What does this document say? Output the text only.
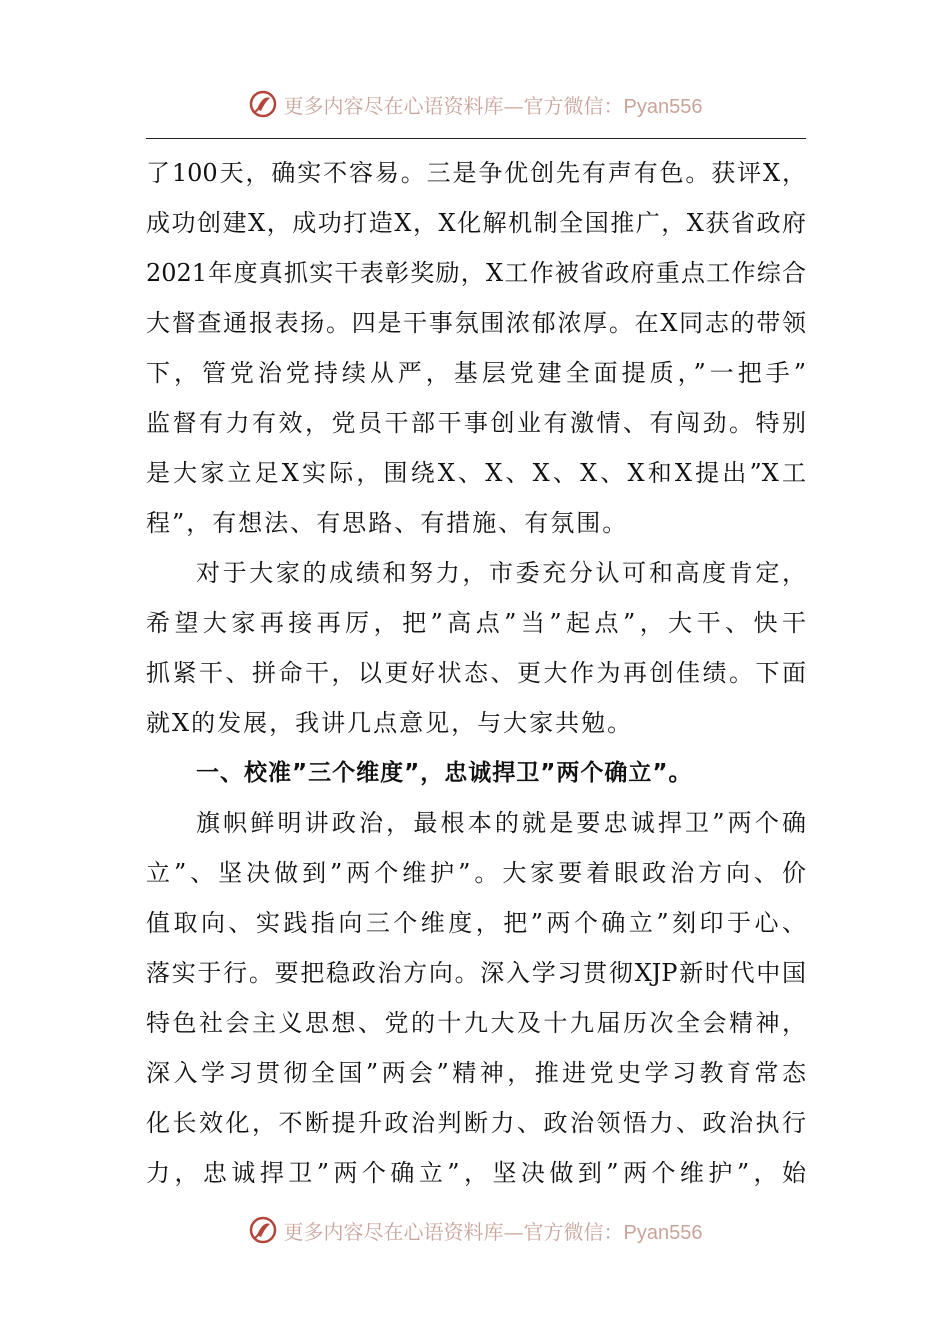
更多内容尽在心语资料库—官方微信：Pyan556
了100天，确实不容易。三是争优创先有声有色。获评X，
成功创建X，成功打造X，X化解机制全国推广，X获省政府
2021年度真抓实干表彰奖励，X工作被省政府重点工作综合
大督查通报表扬。四是干事氛围浓郁浓厚。在X同志的带领
下，管党治党持续从严，基层党建全面提质，”一把手”
监督有力有效，党员干部干事创业有激情、有闯劲。特别
是大家立足X实际，围绕X、X、X、X、X和X提出”X工
程”，有想法、有思路、有措施、有氛围。
对于大家的成绩和努力，市委充分认可和高度肯定，
希望大家再接再厉，把”高点”当”起点”，大干、快干
抓紧干、拼命干，以更好状态、更大作为再创佳绩。下面
就X的发展，我讲几点意见，与大家共勉。
一、校准”三个维度”，忠诚捍卫”两个确立”。
旗帜鲜明讲政治，最根本的就是要忠诚捍卫”两个确
立”、坚决做到”两个维护”。大家要着眼政治方向、价
值取向、实践指向三个维度，把”两个确立”刻印于心、
落实于行。要把稳政治方向。深入学习贯彻XJP新时代中国
特色社会主义思想、党的十九大及十九届历次全会精神，
深入学习贯彻全国”两会”精神，推进党史学习教育常态
化长效化，不断提升政治判断力、政治领悟力、政治执行
力，忠诚捍卫”两个确立”，坚决做到”两个维护”，始
更多内容尽在心语资料库—官方微信：Pyan556
